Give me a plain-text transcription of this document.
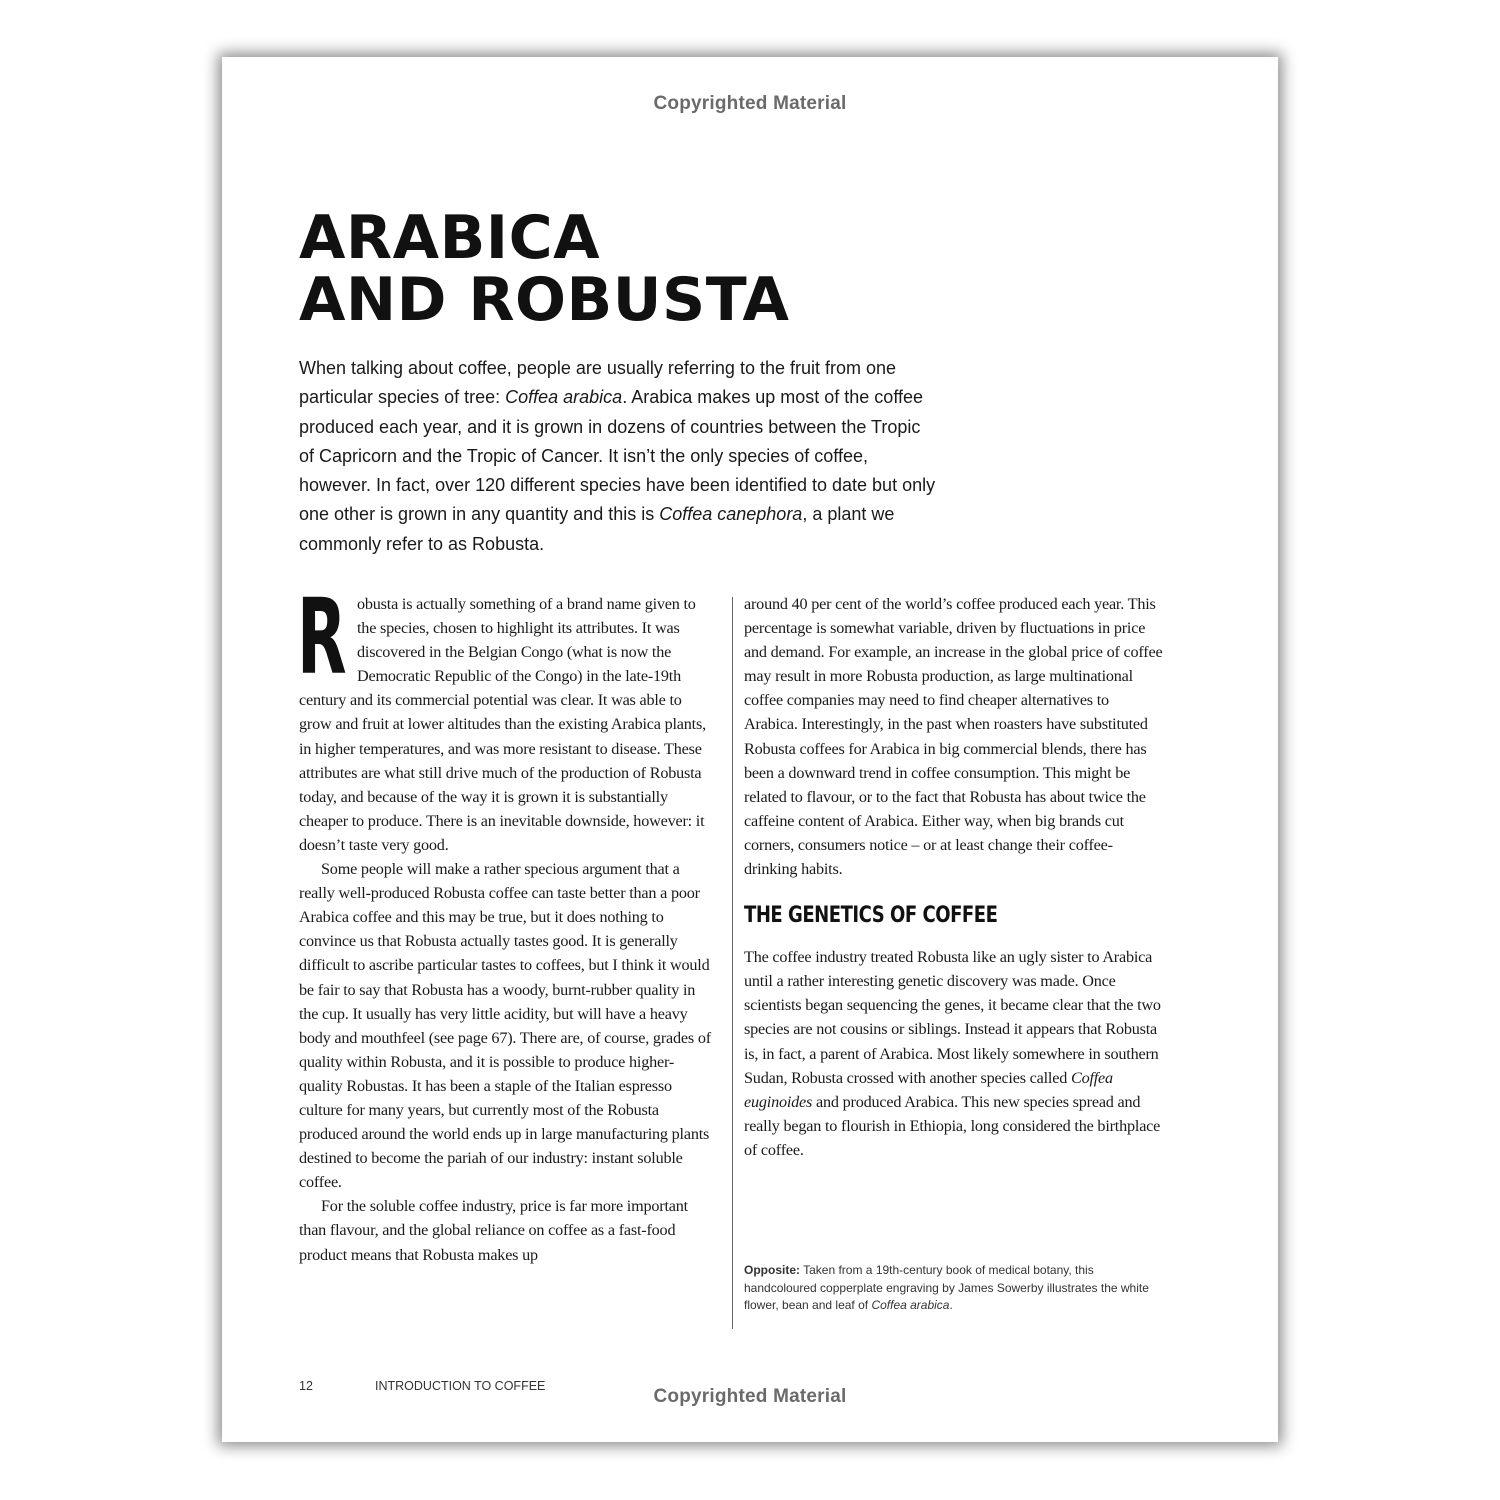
Copyrighted Material
ARABICA
AND ROBUSTA

When talking about coffee, people are usually referring to the fruit from one particular species of tree: Coffea arabica. Arabica makes up most of the coffee produced each year, and it is grown in dozens of countries between the Tropic of Capricorn and the Tropic of Cancer. It isn’t the only species of coffee, however. In fact, over 120 different species have been identified to date but only one other is grown in any quantity and this is Coffea canephora, a plant we commonly refer to as Robusta.

Robusta is actually something of a brand name given to the species, chosen to highlight its attributes. It was discovered in the Belgian Congo (what is now the Democratic Republic of the Congo) in the late-19th century and its commercial potential was clear. It was able to grow and fruit at lower altitudes than the existing Arabica plants, in higher temperatures, and was more resistant to disease. These attributes are what still drive much of the production of Robusta today, and because of the way it is grown it is substantially cheaper to produce. There is an inevitable downside, however: it doesn’t taste very good.

Some people will make a rather specious argument that a really well-produced Robusta coffee can taste better than a poor Arabica coffee and this may be true, but it does nothing to convince us that Robusta actually tastes good. It is generally difficult to ascribe particular tastes to coffees, but I think it would be fair to say that Robusta has a woody, burnt-rubber quality in the cup. It usually has very little acidity, but will have a heavy body and mouthfeel (see page 67). There are, of course, grades of quality within Robusta, and it is possible to produce higher-quality Robustas. It has been a staple of the Italian espresso culture for many years, but currently most of the Robusta produced around the world ends up in large manufacturing plants destined to become the pariah of our industry: instant soluble coffee.

For the soluble coffee industry, price is far more important than flavour, and the global reliance on coffee as a fast-food product means that Robusta makes up

around 40 per cent of the world’s coffee produced each year. This percentage is somewhat variable, driven by fluctuations in price and demand. For example, an increase in the global price of coffee may result in more Robusta production, as large multinational coffee companies may need to find cheaper alternatives to Arabica. Interestingly, in the past when roasters have substituted Robusta coffees for Arabica in big commercial blends, there has been a downward trend in coffee consumption. This might be related to flavour, or to the fact that Robusta has about twice the caffeine content of Arabica. Either way, when big brands cut corners, consumers notice – or at least change their coffee-drinking habits.

THE GENETICS OF COFFEE

The coffee industry treated Robusta like an ugly sister to Arabica until a rather interesting genetic discovery was made. Once scientists began sequencing the genes, it became clear that the two species are not cousins or siblings. Instead it appears that Robusta is, in fact, a parent of Arabica. Most likely somewhere in southern Sudan, Robusta crossed with another species called Coffea euginoides and produced Arabica. This new species spread and really began to flourish in Ethiopia, long considered the birthplace of coffee.

Opposite: Taken from a 19th-century book of medical botany, this handcoloured copperplate engraving by James Sowerby illustrates the white flower, bean and leaf of Coffea arabica.

12	INTRODUCTION TO COFFEE	Copyrighted Material
